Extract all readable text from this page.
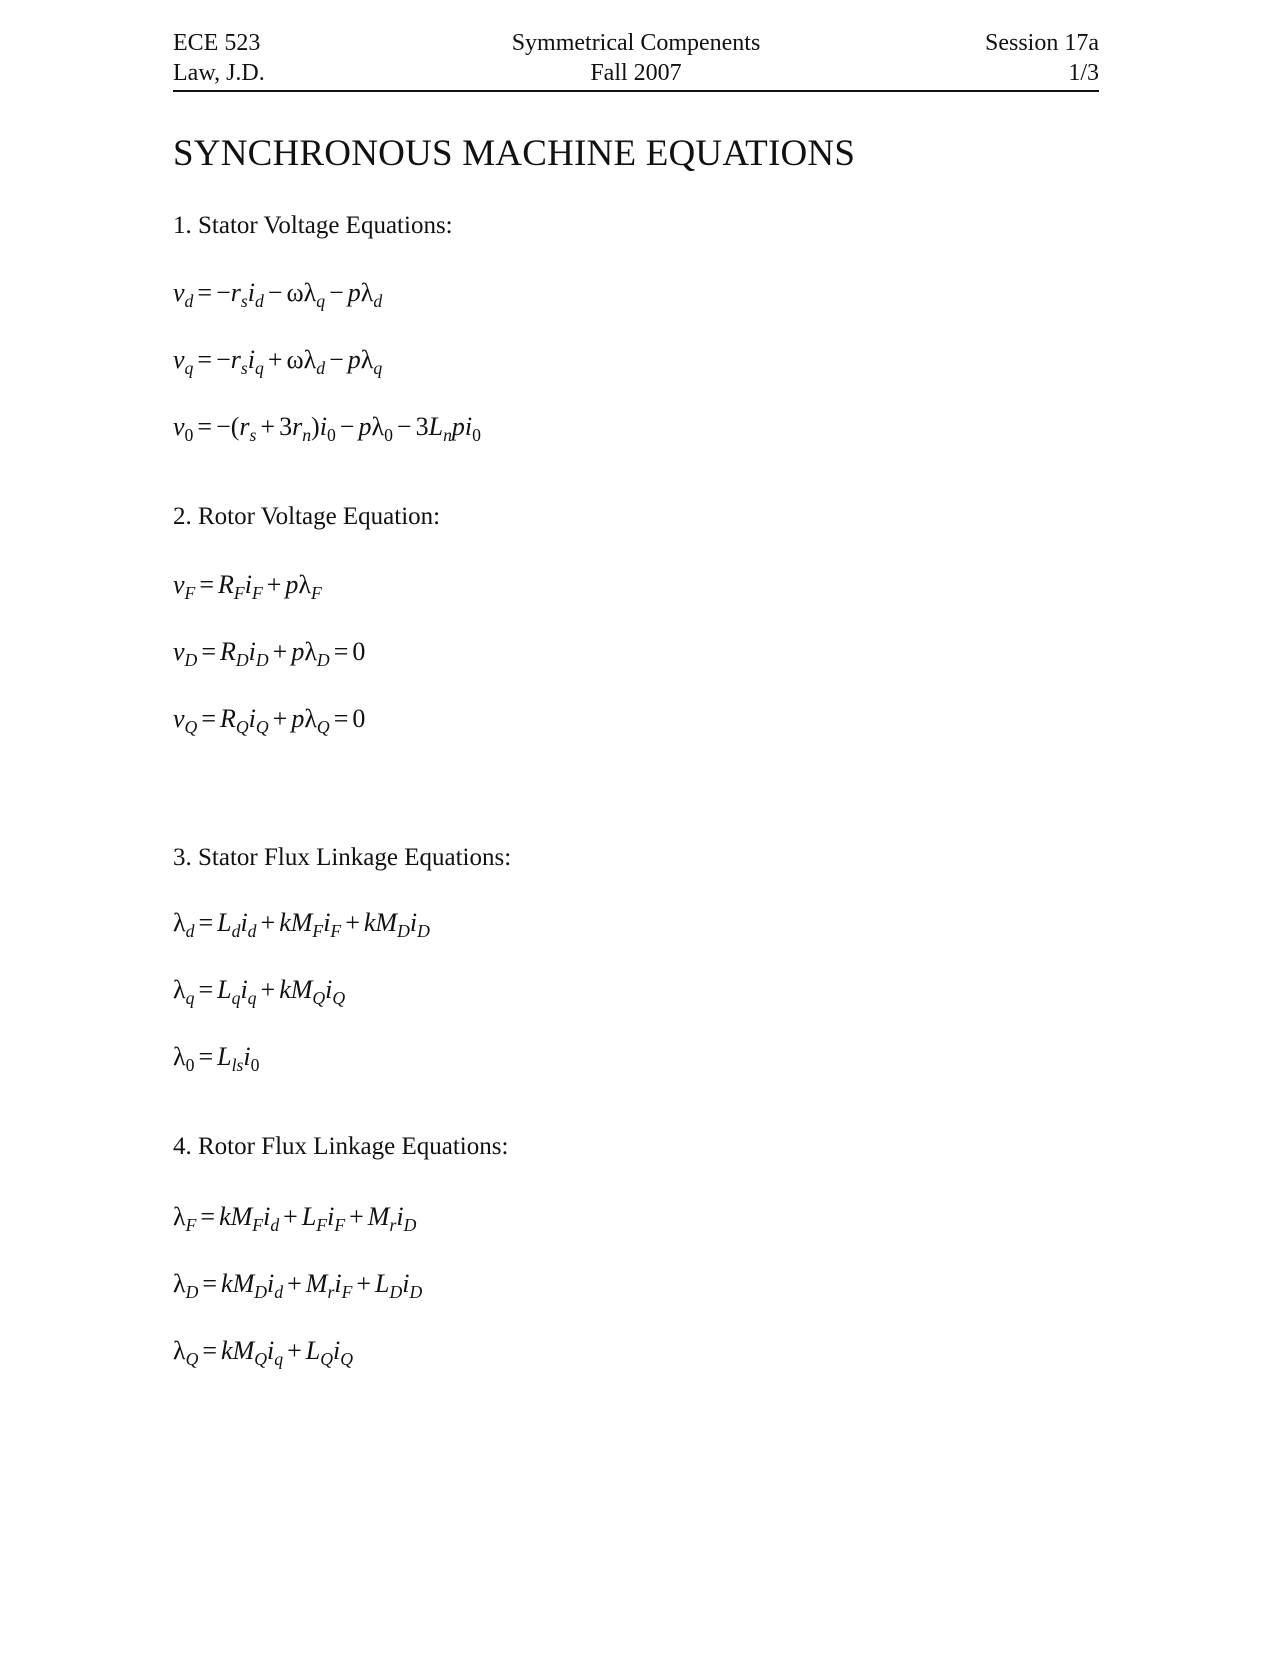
ECE 523
Law, J.D.
Symmetrical Compenents
Fall 2007
Session 17a
1/3
SYNCHRONOUS MACHINE EQUATIONS
1. Stator Voltage Equations:
$v_d = -r_si_d - \omega\lambda_q - p\lambda_d$
$v_q = -r_si_q + \omega\lambda_d - p\lambda_q$
$v_0 = -(r_s + 3r_n)i_0 - p\lambda_0 - 3L_npi_0$
2. Rotor Voltage Equation:
$v_F = R_Fi_F + p\lambda_F$
$v_D = R_Di_D + p\lambda_D = 0$
$v_Q = R_Qi_Q + p\lambda_Q = 0$
3. Stator Flux Linkage Equations:
$\lambda_d = L_di_d + kM_Fi_F + kM_Di_D$
$\lambda_q = L_qi_q + kM_Qi_Q$
$\lambda_0 = L_{ls}i_0$
4. Rotor Flux Linkage Equations:
$\lambda_F = kM_Fi_d + L_Fi_F + M_ri_D$
$\lambda_D = kM_Di_d + M_ri_F + L_Di_D$
$\lambda_Q = kM_Qi_q + L_Qi_Q$
